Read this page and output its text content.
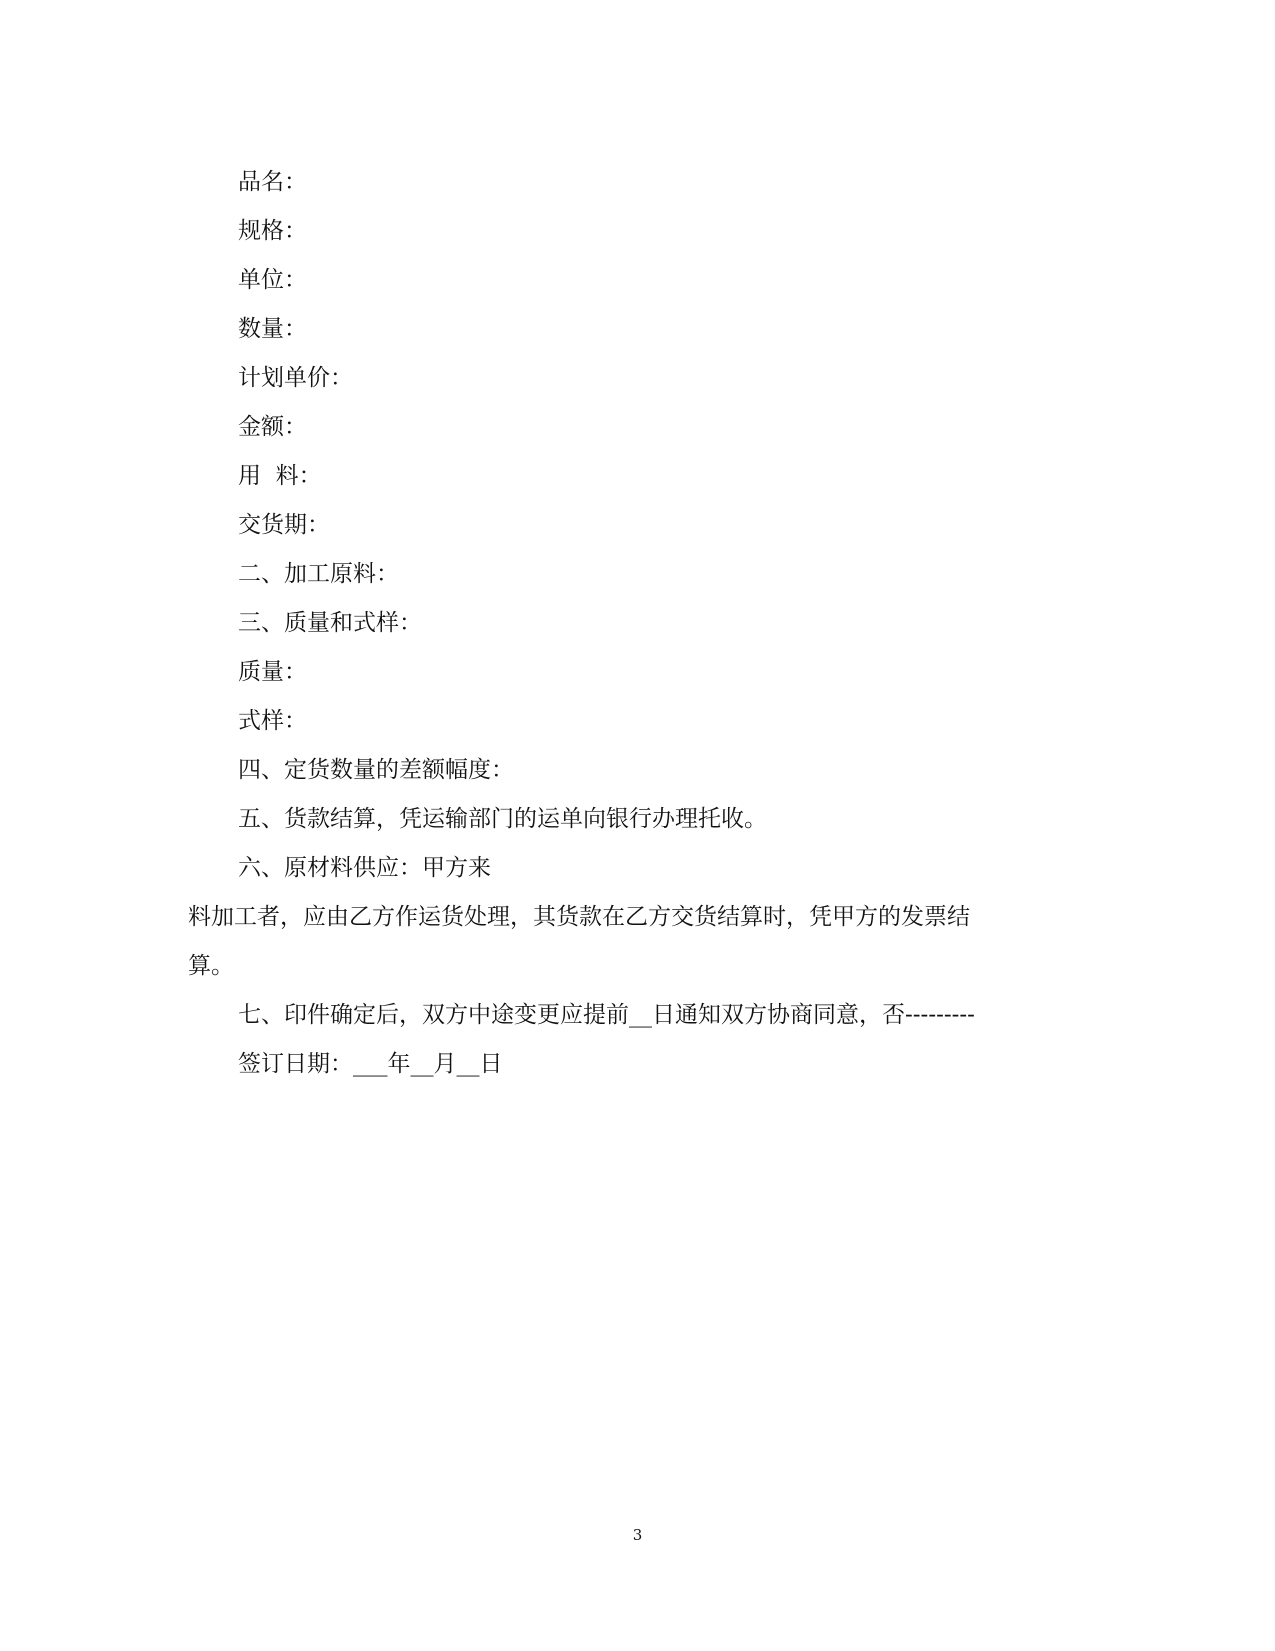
品名：
规格：
单位：
数量：
计划单价：
金额：
用  料：
交货期：
二、加工原料：
三、质量和式样：
质量：
式样：
四、定货数量的差额幅度：
五、货款结算，凭运输部门的运单向银行办理托收。
六、原材料供应：甲方来
料加工者，应由乙方作运货处理，其货款在乙方交货结算时，凭甲方的发票结
算。
七、印件确定后，双方中途变更应提前__日通知双方协商同意，否---------
签订日期：___年__月__日
3
